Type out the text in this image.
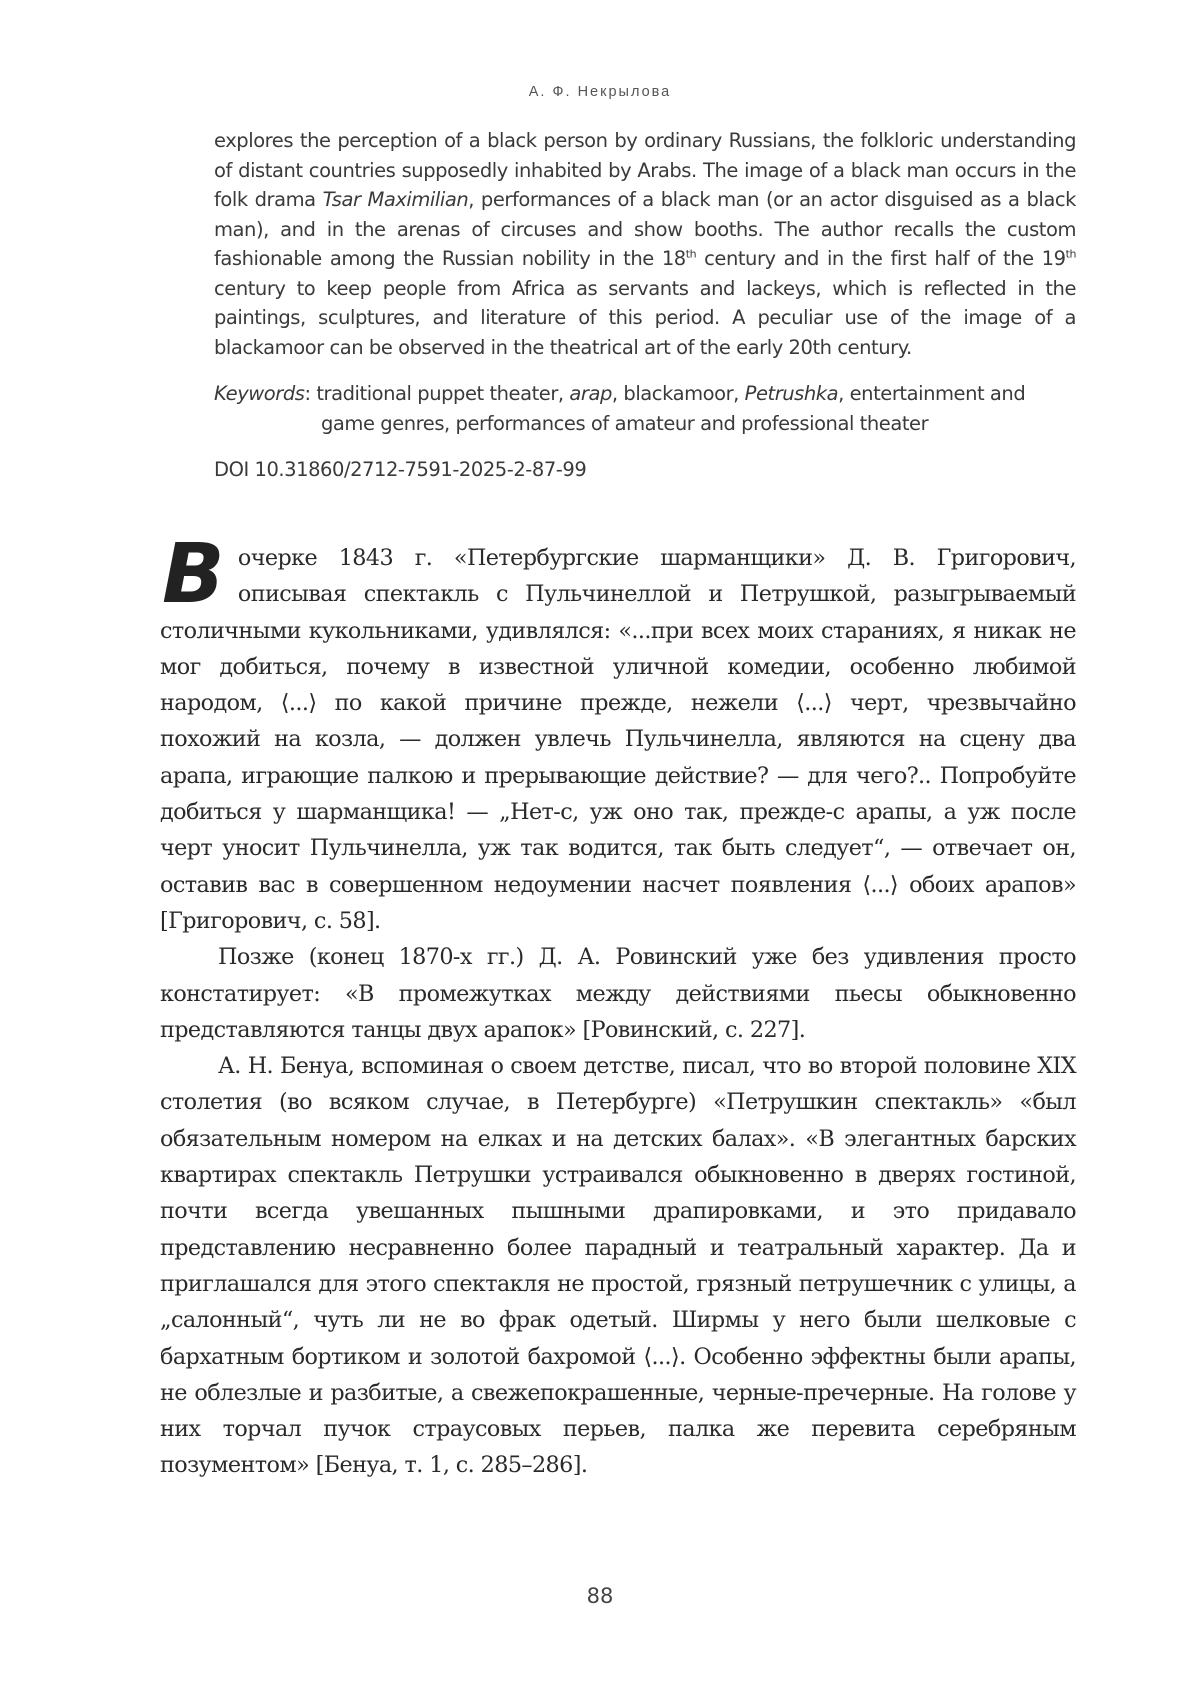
А. Ф. Некрылова

explores the perception of a black person by ordinary Russians, the folkloric understanding of distant countries supposedly inhabited by Arabs. The image of a black man occurs in the folk drama Tsar Maximilian, performances of a black man (or an actor disguised as a black man), and in the arenas of circuses and show booths. The author recalls the custom fashionable among the Russian nobility in the 18th century and in the first half of the 19th century to keep people from Africa as servants and lackeys, which is reflected in the paintings, sculptures, and literature of this period. A peculiar use of the image of a blackamoor can be observed in the theatrical art of the early 20th century.

Keywords: traditional puppet theater, arap, blackamoor, Petrushka, entertainment and game genres, performances of amateur and professional theater

DOI 10.31860/2712-7591-2025-2-87-99

В очерке 1843 г. «Петербургские шарманщики» Д. В. Григорович, описывая спектакль с Пульчинеллой и Петрушкой, разыгрываемый столичными кукольниками, удивлялся: «...при всех моих стараниях, я никак не мог добиться, почему в известной уличной комедии, особенно любимой народом, ⟨...⟩ по какой причине прежде, нежели ⟨...⟩ черт, чрезвычайно похожий на козла, — должен увлечь Пульчинелла, являются на сцену два арапа, играющие палкою и прерывающие действие? — для чего?.. Попробуйте добиться у шарманщика! — „Нет-с, уж оно так, прежде-с арапы, а уж после черт уносит Пульчинелла, уж так водится, так быть следует“, — отвечает он, оставив вас в совершенном недоумении насчет появления ⟨...⟩ обоих арапов» [Григорович, с. 58].

Позже (конец 1870-х гг.) Д. А. Ровинский уже без удивления просто констатирует: «В промежутках между действиями пьесы обыкновенно представляются танцы двух арапок» [Ровинский, с. 227].

А. Н. Бенуа, вспоминая о своем детстве, писал, что во второй половине XIX столетия (во всяком случае, в Петербурге) «Петрушкин спектакль» «был обязательным номером на елках и на детских балах». «В элегантных барских квартирах спектакль Петрушки устраивался обыкновенно в дверях гостиной, почти всегда увешанных пышными драпировками, и это придавало представлению несравненно более парадный и театральный характер. Да и приглашался для этого спектакля не простой, грязный петрушечник с улицы, а „салонный“, чуть ли не во фрак одетый. Ширмы у него были шелковые с бархатным бортиком и золотой бахромой ⟨...⟩. Особенно эффектны были арапы, не облезлые и разбитые, а свежепокрашенные, черные-пречерные. На голове у них торчал пучок страусовых перьев, палка же перевита серебряным позументом» [Бенуа, т. 1, с. 285–286].

88
